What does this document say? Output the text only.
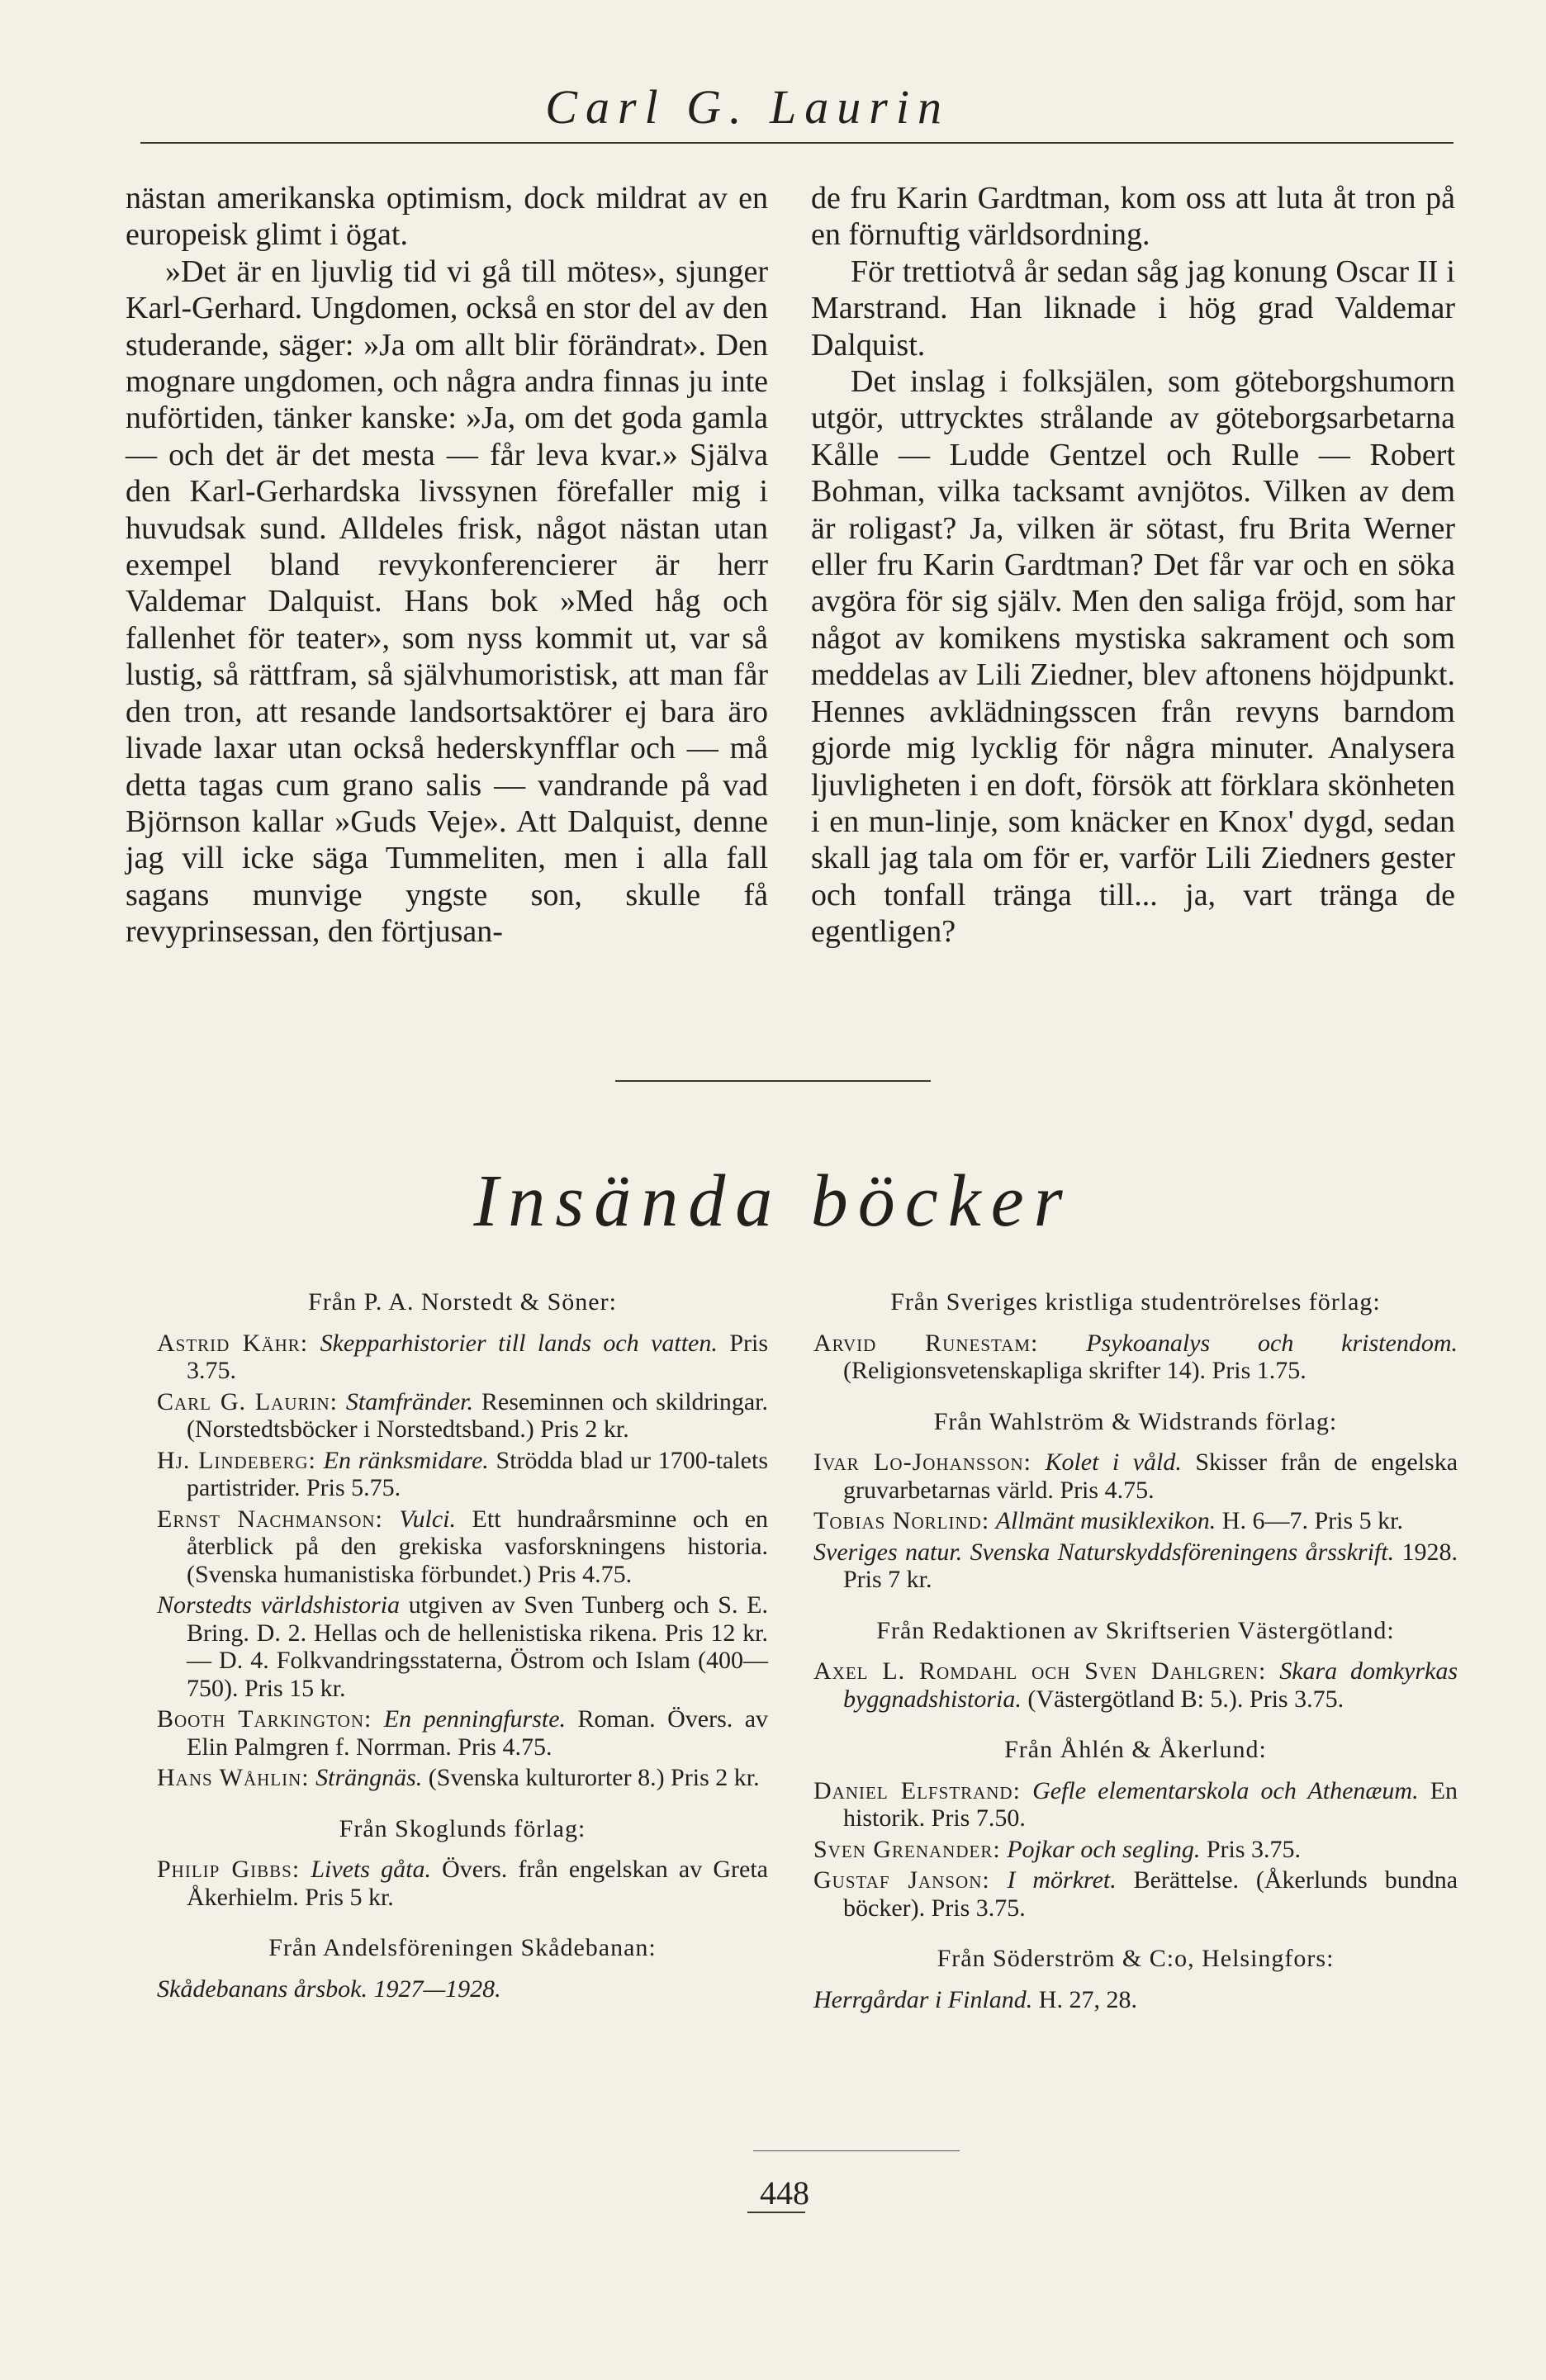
Carl G. Laurin

nästan amerikanska optimism, dock mildrat av en europeisk glimt i ögat.

»Det är en ljuvlig tid vi gå till mötes», sjunger Karl-Gerhard. Ungdomen, också en stor del av den studerande, säger: »Ja om allt blir förändrat». Den mognare ungdomen, och några andra finnas ju inte nuförtiden, tänker kanske: »Ja, om det goda gamla — och det är det mesta — får leva kvar.» Själva den Karl-Gerhardska livssynen förefaller mig i huvudsak sund. Alldeles frisk, något nästan utan exempel bland revykonferencierer är herr Valdemar Dalquist. Hans bok »Med håg och fallenhet för teater», som nyss kommit ut, var så lustig, så rättfram, så självhumoristisk, att man får den tron, att resande landsortsaktörer ej bara äro livade laxar utan också hederskynfflar och — må detta tagas cum grano salis — vandrande på vad Björnson kallar »Guds Veje». Att Dalquist, denne jag vill icke säga Tummeliten, men i alla fall sagans munvige yngste son, skulle få revyprinsessan, den förtjusan-

de fru Karin Gardtman, kom oss att luta åt tron på en förnuftig världsordning.

För trettiotvå år sedan såg jag konung Oscar II i Marstrand. Han liknade i hög grad Valdemar Dalquist.

Det inslag i folksjälen, som göteborgshumorn utgör, uttrycktes strålande av göteborgsarbetarna Kålle — Ludde Gentzel och Rulle — Robert Bohman, vilka tacksamt avnjötos. Vilken av dem är roligast? Ja, vilken är sötast, fru Brita Werner eller fru Karin Gardtman? Det får var och en söka avgöra för sig själv. Men den saliga fröjd, som har något av komikens mystiska sakrament och som meddelas av Lili Ziedner, blev aftonens höjdpunkt. Hennes avklädningsscen från revyns barndom gjorde mig lycklig för några minuter. Analysera ljuvligheten i en doft, försök att förklara skönheten i en mun-linje, som knäcker en Knox' dygd, sedan skall jag tala om för er, varför Lili Ziedners gester och tonfall tränga till... ja, vart tränga de egentligen?

Insända böcker

Från P. A. Norstedt & Söner:

Astrid Kähr: Skepparhistorier till lands och vatten. Pris 3.75.

Carl G. Laurin: Stamfränder. Reseminnen och skildringar. (Norstedtsböcker i Norstedtsband.) Pris 2 kr.

Hj. Lindeberg: En ränksmidare. Strödda blad ur 1700-talets partistrider. Pris 5.75.

Ernst Nachmanson: Vulci. Ett hundraårsminne och en återblick på den grekiska vasforskningens historia. (Svenska humanistiska förbundet.) Pris 4.75.

Norstedts världshistoria utgiven av Sven Tunberg och S. E. Bring. D. 2. Hellas och de hellenistiska rikena. Pris 12 kr. — D. 4. Folkvandringsstaterna, Östrom och Islam (400—750). Pris 15 kr.

Booth Tarkington: En penningfurste. Roman. Övers. av Elin Palmgren f. Norrman. Pris 4.75.

Hans Wåhlin: Strängnäs. (Svenska kulturorter 8.) Pris 2 kr.

Från Skoglunds förlag:

Philip Gibbs: Livets gåta. Övers. från engelskan av Greta Åkerhielm. Pris 5 kr.

Från Andelsföreningen Skådebanan:

Skådebanans årsbok. 1927—1928.

Från Sveriges kristliga studentrörelses förlag:

Arvid Runestam: Psykoanalys och kristendom. (Religionsvetenskapliga skrifter 14). Pris 1.75.

Från Wahlström & Widstrands förlag:

Ivar Lo-Johansson: Kolet i våld. Skisser från de engelska gruvarbetarnas värld. Pris 4.75.

Tobias Norlind: Allmänt musiklexikon. H. 6—7. Pris 5 kr.

Sveriges natur. Svenska Naturskyddsföreningens årsskrift. 1928. Pris 7 kr.

Från Redaktionen av Skriftserien Västergötland:

Axel L. Romdahl och Sven Dahlgren: Skara domkyrkas byggnadshistoria. (Västergötland B: 5.). Pris 3.75.

Från Åhlén & Åkerlund:

Daniel Elfstrand: Gefle elementarskola och Athenæum. En historik. Pris 7.50.

Sven Grenander: Pojkar och segling. Pris 3.75.

Gustaf Janson: I mörkret. Berättelse. (Åkerlunds bundna böcker). Pris 3.75.

Från Söderström & C:o, Helsingfors:

Herrgårdar i Finland. H. 27, 28.

448
